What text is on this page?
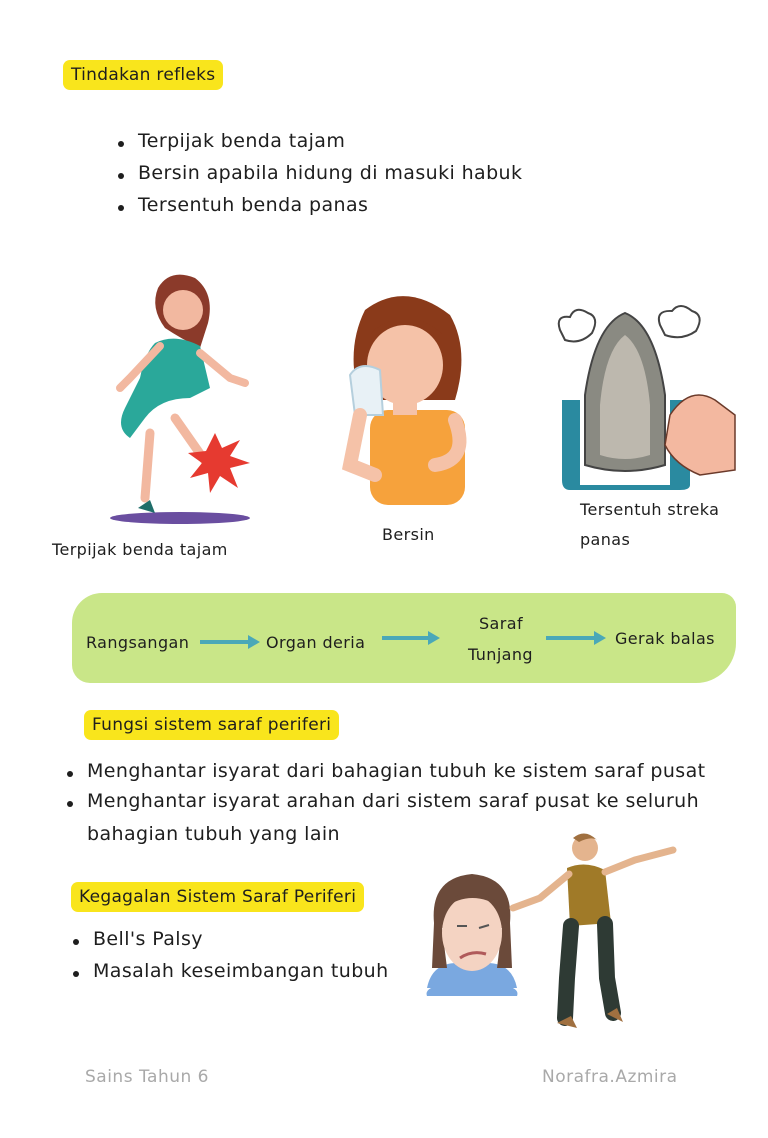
Tindakan refleks
Terpijak benda tajam
Bersin apabila hidung di masuki habuk
Tersentuh benda panas
Terpijak benda tajam
Bersin
Tersentuh streka
panas
Rangsangan	Organ deria
Saraf
Tunjang
Gerak balas
Fungsi sistem saraf periferi
Menghantar isyarat dari bahagian tubuh ke sistem saraf pusat
Menghantar isyarat arahan dari sistem saraf pusat ke seluruh
bahagian tubuh yang lain
Kegagalan Sistem Saraf Periferi
Bell's Palsy
Masalah keseimbangan tubuh
Sains Tahun 6	Norafra.Azmira
